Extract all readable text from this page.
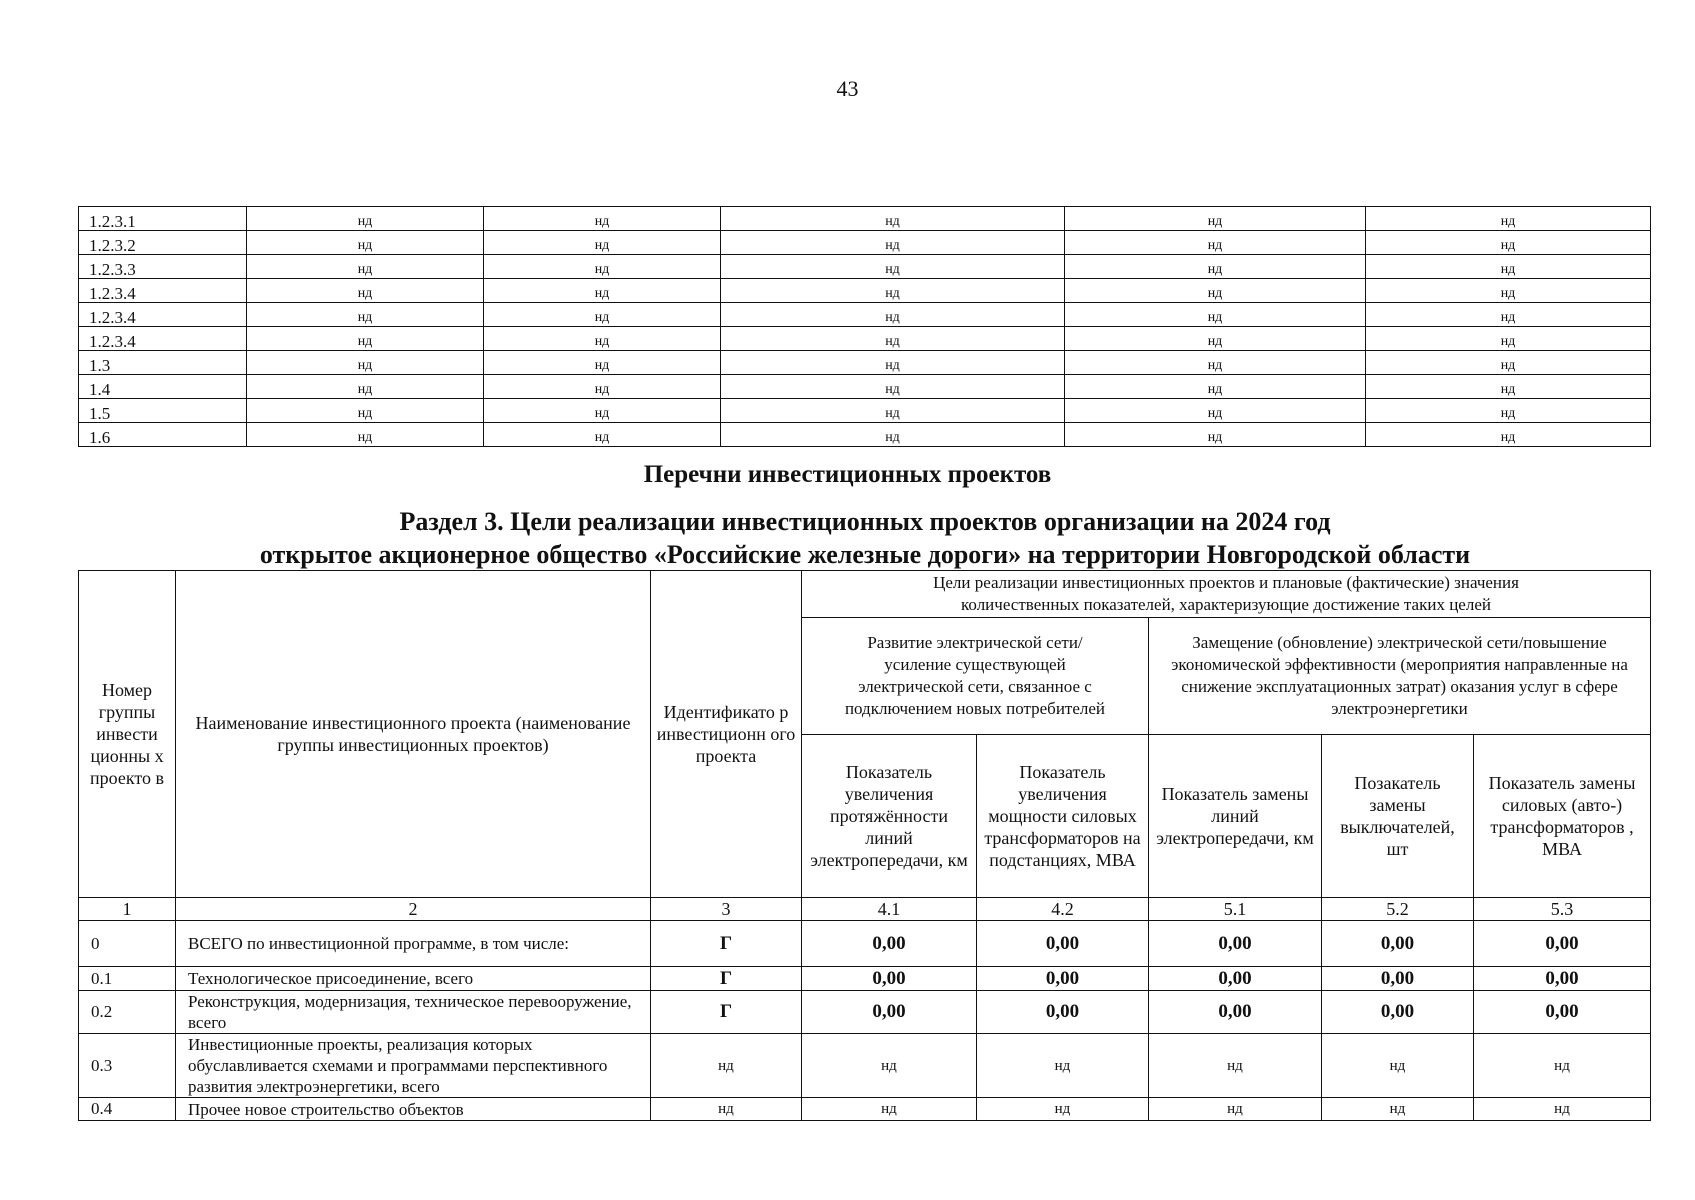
43
1.2.3.1	нд	нд	нд	нд	нд
1.2.3.2	нд	нд	нд	нд	нд
1.2.3.3	нд	нд	нд	нд	нд
1.2.3.4	нд	нд	нд	нд	нд
1.2.3.4	нд	нд	нд	нд	нд
1.2.3.4	нд	нд	нд	нд	нд
1.3	нд	нд	нд	нд	нд
1.4	нд	нд	нд	нд	нд
1.5	нд	нд	нд	нд	нд
1.6	нд	нд	нд	нд	нд
Перечни инвестиционных проектов
Раздел 3. Цели реализации инвестиционных проектов организации на 2024 год
открытое акционерное общество «Российские железные дороги» на территории Новгородской области
Номер группы инвести ционны х проекто в	Наименование инвестиционного проекта (наименование группы инвестиционных проектов)	Идентификато р инвестиционн ого проекта	Цели реализации инвестиционных проектов и плановые (фактические) значения количественных показателей, характеризующие достижение таких целей				
			Развитие электрической сети/усиление существующей электрической сети, связанное с подключением новых потребителей		Замещение (обновление) электрической сети/повышение экономической эффективности (мероприятия направленные на снижение эксплуатационных затрат) оказания услуг в сфере электроэнергетики		
			Показатель увеличения протяжённости линий электропередачи, км	Показатель увеличения мощности силовых трансформаторов на подстанциях, МВА	Показатель замены линий электропередачи, км	Позакатель замены выключателей, шт	Показатель замены силовых (авто-) трансформаторов , МВА
1	2	3	4.1	4.2	5.1	5.2	5.3
0	ВСЕГО по инвестиционной программе, в том числе:	Г	0,00	0,00	0,00	0,00	0,00
0.1	Технологическое присоединение, всего	Г	0,00	0,00	0,00	0,00	0,00
0.2	Реконструкция, модернизация, техническое перевооружение, всего	Г	0,00	0,00	0,00	0,00	0,00
0.3	Инвестиционные проекты, реализация которых обуславливается схемами и программами перспективного развития электроэнергетики, всего	нд	нд	нд	нд	нд	нд
0.4	Прочее новое строительство объектов	нд	нд	нд	нд	нд	нд
